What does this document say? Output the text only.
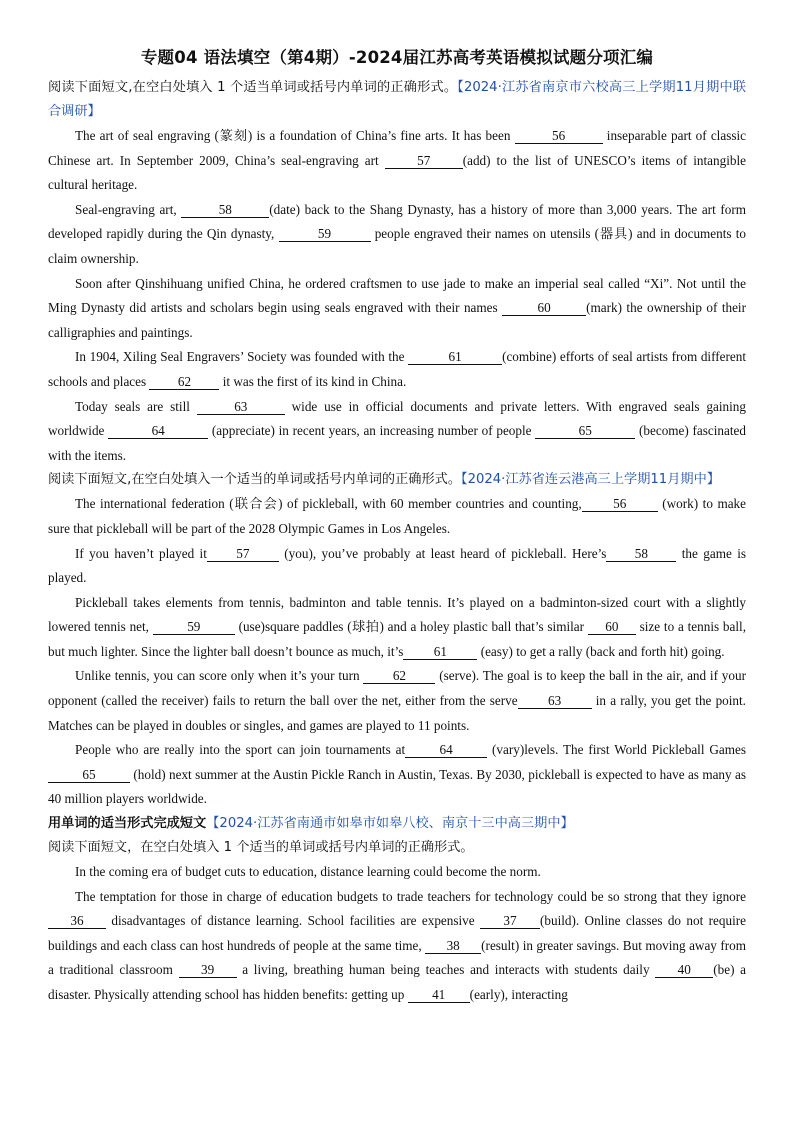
专题04 语法填空（第4期）-2024届江苏高考英语模拟试题分项汇编

阅读下面短文,在空白处填入 1 个适当单词或括号内单词的正确形式。【2024·江苏省南京市六校高三上学期11月期中联合调研】

The art of seal engraving (篆刻) is a foundation of China’s fine arts. It has been	56	inseparable part of classic Chinese art. In September 2009, China’s seal-engraving art 57 (add) to the list of UNESCO’s items of intangible cultural heritage.

Seal-engraving art,	58	(date) back to the Shang Dynasty, has a history of more than 3,000 years. The art form developed rapidly during the Qin dynasty,	59	people engraved their names on utensils (器具) and in documents to claim ownership.

Soon after Qinshihuang unified China, he ordered craftsmen to use jade to make an imperial seal called “Xi”. Not until the Ming Dynasty did artists and scholars begin using seals engraved with their names	60	(mark) the ownership of their calligraphies and paintings.

In 1904, Xiling Seal Engravers’ Society was founded with the	61	(combine) efforts of seal artists from different schools and places 62 it was the first of its kind in China.

Today seals are still	63	wide use in official documents and private letters. With engraved seals gaining worldwide	64	(appreciate) in recent years, an increasing number of people	65	(become) fascinated with the items.

阅读下面短文,在空白处填入一个适当的单词或括号内单词的正确形式。【2024·江苏省连云港高三上学期11月期中】

The international federation (联合会) of pickleball, with 60 member countries and counting, 56 (work) to make sure that pickleball will be part of the 2028 Olympic Games in Los Angeles.

If you haven’t played it 57 (you), you’ve probably at least heard of pickleball. Here’s 58 the game is played.

Pickleball takes elements from tennis, badminton and table tennis. It’s played on a badminton-sized court with a slightly lowered tennis net,	59	(use)square paddles (球拍) and a holey plastic ball that’s similar 60 size to a tennis ball, but much lighter. Since the lighter ball doesn’t bounce as much, it’s 61 (easy) to get a rally (back and forth hit) going.

Unlike tennis, you can score only when it’s your turn 62 (serve). The goal is to keep the ball in the air, and if your opponent (called the receiver) fails to return the ball over the net, either from the serve 63 in a rally, you get the point. Matches can be played in doubles or singles, and games are played to 11 points.

People who are really into the sport can join tournaments at	64	(vary)levels. The first World Pickleball Games65	(hold) next summer at the Austin Pickle Ranch in Austin, Texas. By 2030, pickleball is expected to have as many as 40 million players worldwide.

用单词的适当形式完成短文【2024·江苏省南通市如皋市如皋八校、南京十三中高三期中】

阅读下面短文，在空白处填入 1 个适当的单词或括号内单词的正确形式。

In the coming era of budget cuts to education, distance learning could become the norm.

The temptation for those in charge of education budgets to trade teachers for technology could be so strong that they ignore 36 disadvantages of distance learning. School facilities are expensive 37 (build). Online classes do not require buildings and each class can host hundreds of people at the same time, 38 (result) in greater savings. But moving away from a traditional classroom 39 a living, breathing human being teaches and interacts with students daily 40 (be) a disaster. Physically attending school has hidden benefits: getting up 41 (early), interacting
